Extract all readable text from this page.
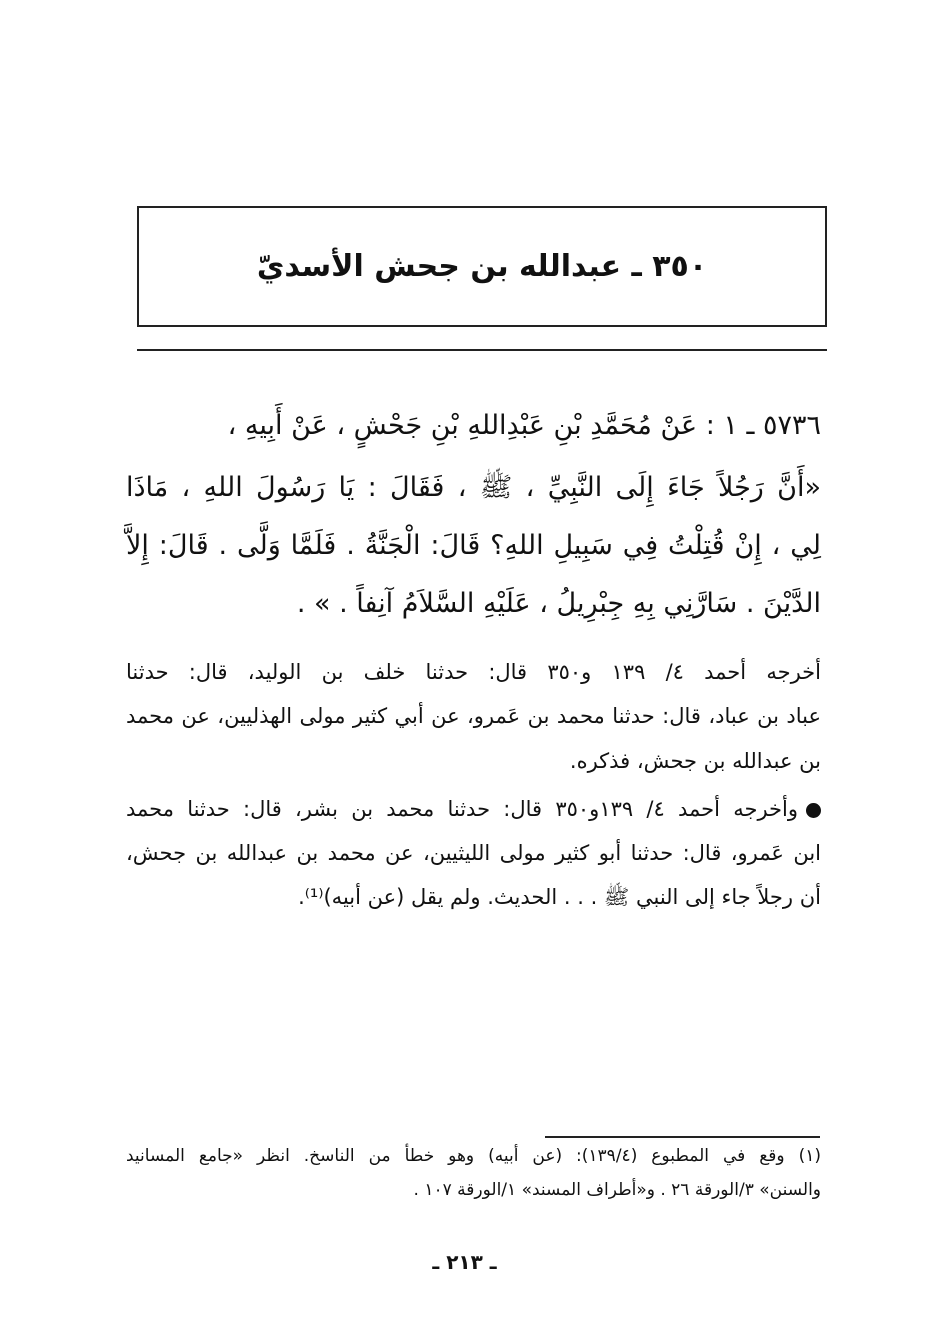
٣٥٠ ـ عبدالله بن جحش الأسديّ
٥٧٣٦ ـ ١ : عَنْ مُحَمَّدِ بْنِ عَبْدِاللهِ بْنِ جَحْشٍ ، عَنْ أَبِيهِ ،
«أَنَّ رَجُلاً جَاءَ إِلَى النَّبِيِّ ، ﷺ ، فَقَالَ : يَا رَسُولَ اللهِ ، مَاذَا
لِي ، إِنْ قُتِلْتُ فِي سَبِيلِ اللهِ؟ قَالَ: الْجَنَّةُ . فَلَمَّا وَلَّى . قَالَ: إِلاَّ
الدَّيْنَ . سَارَّنِي بِهِ جِبْرِيلُ ، عَلَيْهِ السَّلاَمُ آنِفاً . » .
أخرجه أحمد ٤/ ١٣٩ و٣٥٠ قال: حدثنا خلف بن الوليد، قال: حدثنا
عباد بن عباد، قال: حدثنا محمد بن عَمرو، عن أبي كثير مولى الهذليين، عن محمد
بن عبدالله بن جحش، فذكره.
وأخرجه أحمد ٤/ ١٣٩و٣٥٠ قال: حدثنا محمد بن بشر، قال: حدثنا محمد
ابن عَمرو، قال: حدثنا أبو كثير مولى الليثيين، عن محمد بن عبدالله بن جحش،
أن رجلاً جاء إلى النبي ﷺ . . . الحديث. ولم يقل (عن أبيه)⁽¹⁾.
(١) وقع في المطبوع (١٣٩/٤): (عن أبيه) وهو خطأ من الناسخ. انظر «جامع المسانيد
والسنن» ٣/الورقة ٢٦ . و«أطراف المسند» ١/الورقة ١٠٧ .
ـ ٢١٣ ـ
